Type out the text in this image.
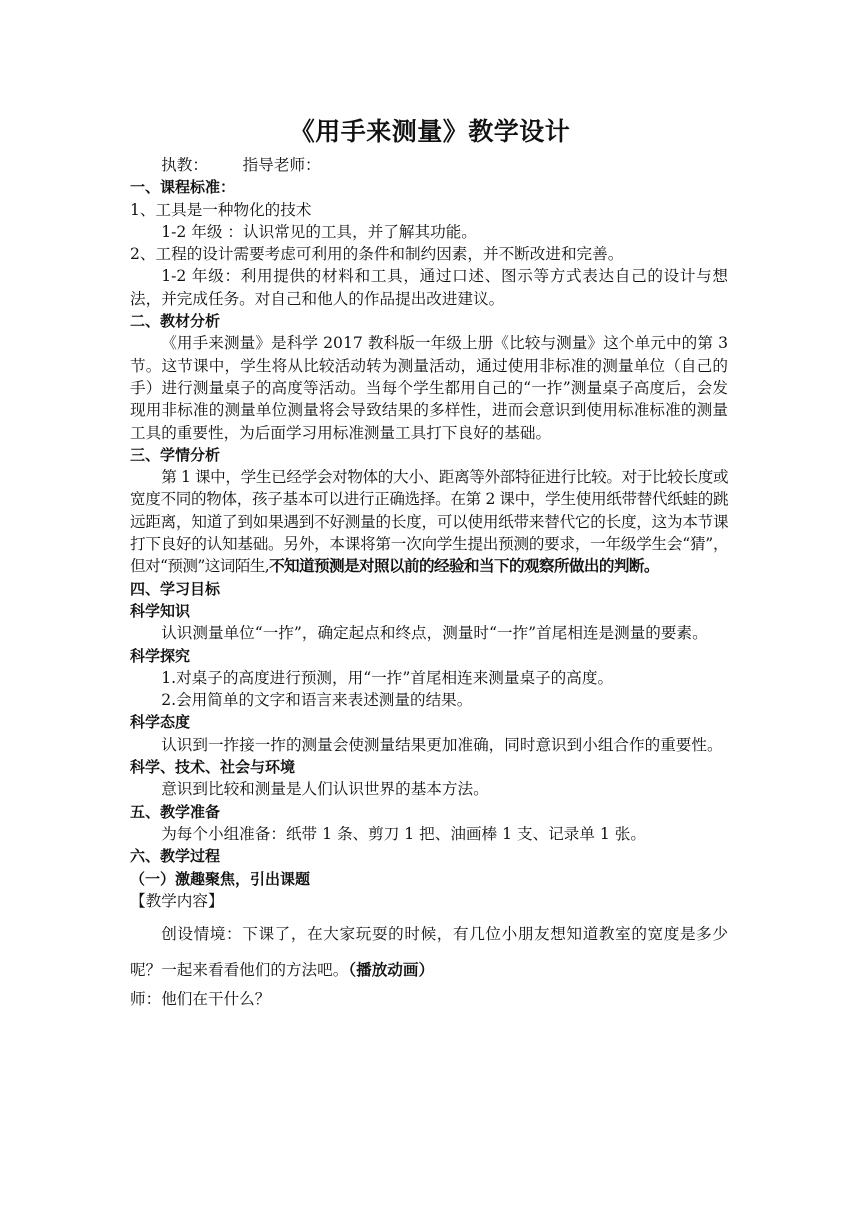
《用手来测量》教学设计

执教：       指导老师：

一、课程标准：

1、工具是一种物化的技术

1-2 年级 ：认识常见的工具，并了解其功能。

2、工程的设计需要考虑可利用的条件和制约因素，并不断改进和完善。

1-2 年级：利用提供的材料和工具，通过口述、图示等方式表达自己的设计与想法，并完成任务。对自己和他人的作品提出改进建议。

二、教材分析

《用手来测量》是科学 2017 教科版一年级上册《比较与测量》这个单元中的第 3 节。这节课中，学生将从比较活动转为测量活动，通过使用非标准的测量单位（自己的手）进行测量桌子的高度等活动。当每个学生都用自己的“一拃”测量桌子高度后，会发现用非标准的测量单位测量将会导致结果的多样性，进而会意识到使用标准标准的测量工具的重要性，为后面学习用标准测量工具打下良好的基础。

三、学情分析

第 1 课中，学生已经学会对物体的大小、距离等外部特征进行比较。对于比较长度或宽度不同的物体，孩子基本可以进行正确选择。在第 2 课中，学生使用纸带替代纸蛙的跳远距离，知道了到如果遇到不好测量的长度，可以使用纸带来替代它的长度，这为本节课打下良好的认知基础。另外，本课将第一次向学生提出预测的要求，一年级学生会“猜”，但对“预测”这词陌生,不知道预测是对照以前的经验和当下的观察所做出的判断。

四、学习目标

科学知识

认识测量单位“一拃”，确定起点和终点，测量时“一拃”首尾相连是测量的要素。

科学探究

1.对桌子的高度进行预测，用“一拃”首尾相连来测量桌子的高度。

2.会用简单的文字和语言来表述测量的结果。

科学态度

认识到一拃接一拃的测量会使测量结果更加准确，同时意识到小组合作的重要性。

科学、技术、社会与环境

意识到比较和测量是人们认识世界的基本方法。

五、教学准备

为每个小组准备：纸带 1 条、剪刀 1 把、油画棒 1 支、记录单 1 张。

六、教学过程

（一）激趣聚焦，引出课题

【教学内容】

创设情境：下课了，在大家玩耍的时候，有几位小朋友想知道教室的宽度是多少呢？一起来看看他们的方法吧。（播放动画）

师：他们在干什么？
